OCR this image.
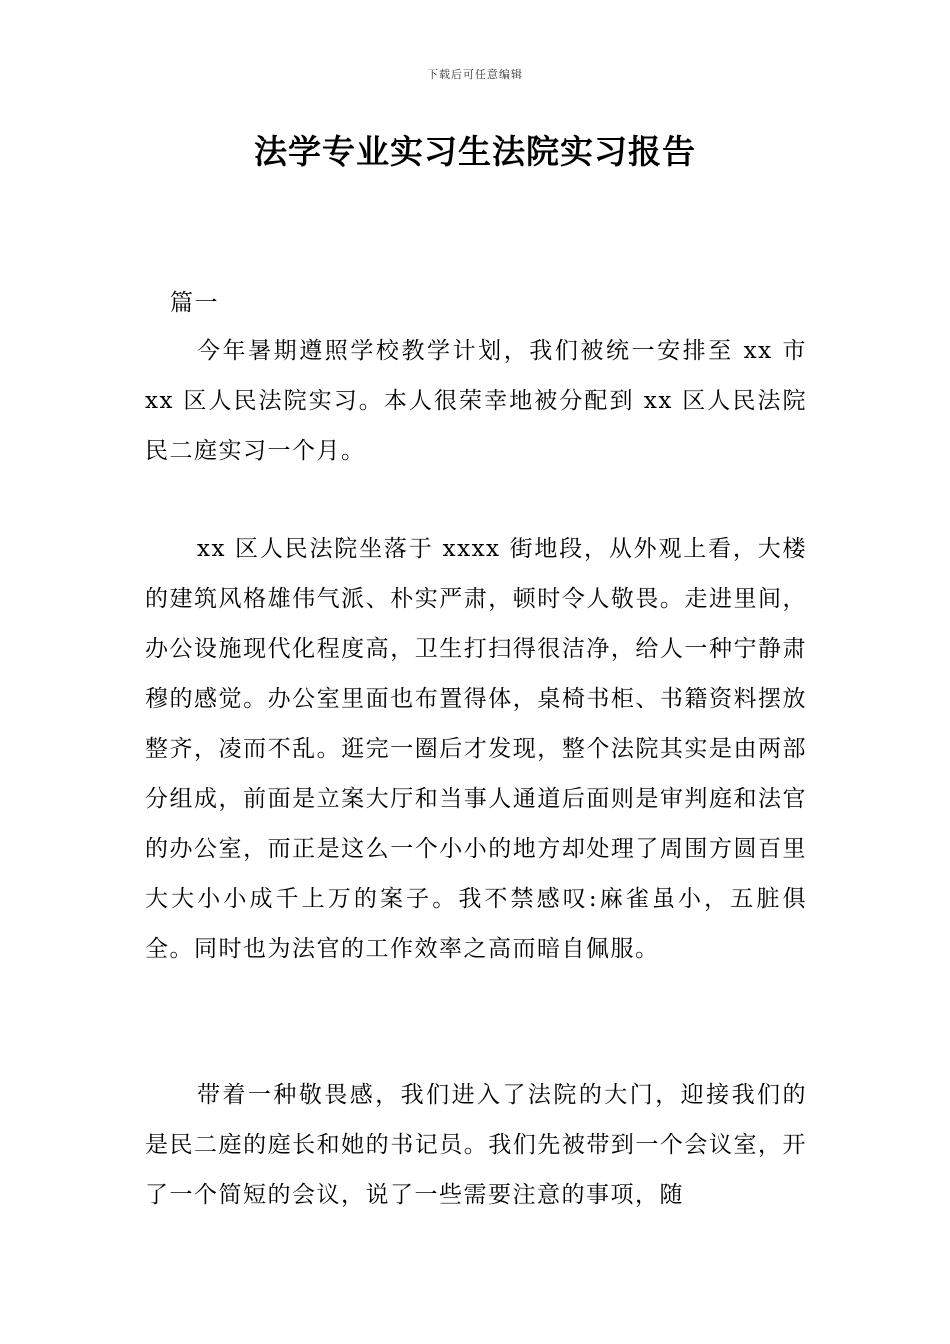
下载后可任意编辑
法学专业实习生法院实习报告
篇一

今年暑期遵照学校教学计划，我们被统一安排至 xx 市 xx 区人民法院实习。本人很荣幸地被分配到 xx 区人民法院民二庭实习一个月。

xx 区人民法院坐落于 xxxx 街地段，从外观上看，大楼的建筑风格雄伟气派、朴实严肃，顿时令人敬畏。走进里间，办公设施现代化程度高，卫生打扫得很洁净，给人一种宁静肃穆的感觉。办公室里面也布置得体，桌椅书柜、书籍资料摆放整齐，凌而不乱。逛完一圈后才发现，整个法院其实是由两部分组成，前面是立案大厅和当事人通道后面则是审判庭和法官的办公室，而正是这么一个小小的地方却处理了周围方圆百里大大小小成千上万的案子。我不禁感叹:麻雀虽小，五脏俱全。同时也为法官的工作效率之高而暗自佩服。

带着一种敬畏感，我们进入了法院的大门，迎接我们的是民二庭的庭长和她的书记员。我们先被带到一个会议室，开了一个简短的会议，说了一些需要注意的事项，随
